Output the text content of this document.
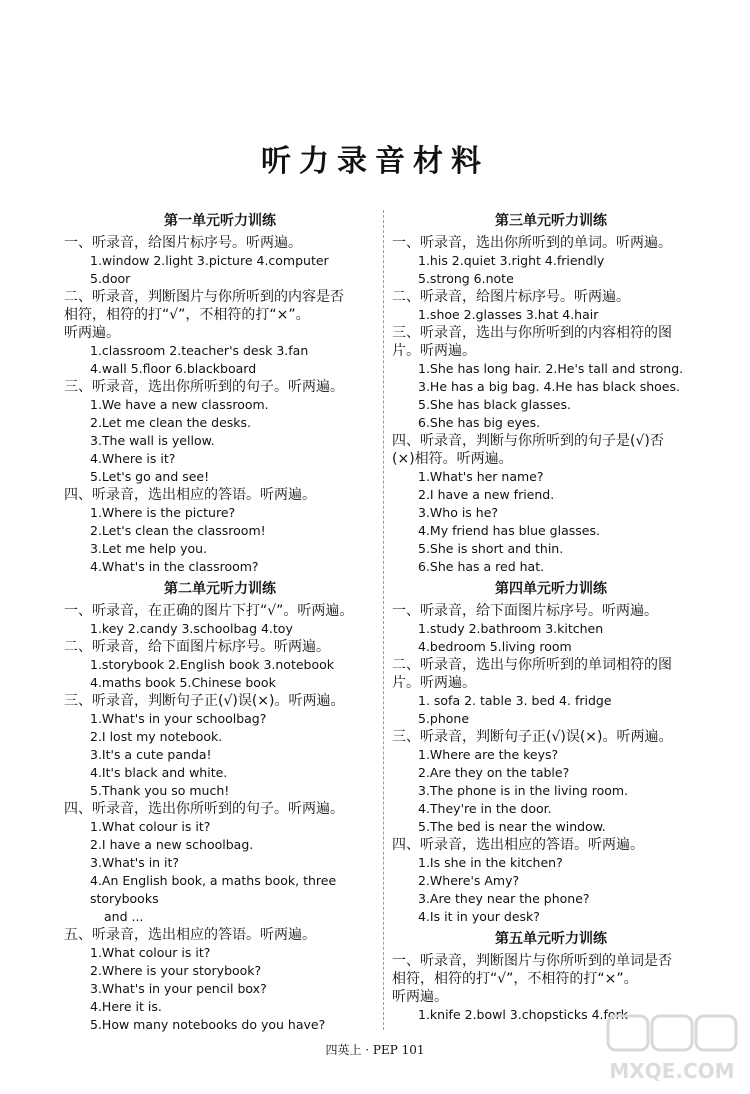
听力录音材料
第一单元听力训练
一、听录音，给图片标序号。听两遍。
1.window 2.light 3.picture 4.computer
5.door
二、听录音，判断图片与你所听到的内容是否
相符，相符的打“√”，不相符的打“×”。
听两遍。
1.classroom 2.teacher's desk 3.fan
4.wall 5.floor 6.blackboard
三、听录音，选出你所听到的句子。听两遍。
1.We have a new classroom.
2.Let me clean the desks.
3.The wall is yellow.
4.Where is it?
5.Let's go and see!
四、听录音，选出相应的答语。听两遍。
1.Where is the picture?
2.Let's clean the classroom!
3.Let me help you.
4.What's in the classroom?
第二单元听力训练
一、听录音，在正确的图片下打“√”。听两遍。
1.key 2.candy 3.schoolbag 4.toy
二、听录音，给下面图片标序号。听两遍。
1.storybook 2.English book 3.notebook
4.maths book 5.Chinese book
三、听录音，判断句子正(√)误(×)。听两遍。
1.What's in your schoolbag?
2.I lost my notebook.
3.It's a cute panda!
4.It's black and white.
5.Thank you so much!
四、听录音，选出你所听到的句子。听两遍。
1.What colour is it?
2.I have a new schoolbag.
3.What's in it?
4.An English book, a maths book, three storybooks
and ...
五、听录音，选出相应的答语。听两遍。
1.What colour is it?
2.Where is your storybook?
3.What's in your pencil box?
4.Here it is.
5.How many notebooks do you have?
第三单元听力训练
一、听录音，选出你所听到的单词。听两遍。
1.his 2.quiet 3.right 4.friendly
5.strong 6.note
二、听录音，给图片标序号。听两遍。
1.shoe 2.glasses 3.hat 4.hair
三、听录音，选出与你所听到的内容相符的图
片。听两遍。
1.She has long hair. 2.He's tall and strong.
3.He has a big bag. 4.He has black shoes.
5.She has black glasses.
6.She has big eyes.
四、听录音，判断与你所听到的句子是(√)否
(×)相符。听两遍。
1.What's her name?
2.I have a new friend.
3.Who is he?
4.My friend has blue glasses.
5.She is short and thin.
6.She has a red hat.
第四单元听力训练
一、听录音，给下面图片标序号。听两遍。
1.study 2.bathroom 3.kitchen
4.bedroom 5.living room
二、听录音，选出与你所听到的单词相符的图
片。听两遍。
1. sofa 2. table 3. bed 4. fridge
5.phone
三、听录音，判断句子正(√)误(×)。听两遍。
1.Where are the keys?
2.Are they on the table?
3.The phone is in the living room.
4.They're in the door.
5.The bed is near the window.
四、听录音，选出相应的答语。听两遍。
1.Is she in the kitchen?
2.Where's Amy?
3.Are they near the phone?
4.Is it in your desk?
第五单元听力训练
一、听录音，判断图片与你所听到的单词是否
相符，相符的打“√”，不相符的打“×”。
听两遍。
1.knife 2.bowl 3.chopsticks 4.fork
四英上 · PEP 101
MXQE.COM
